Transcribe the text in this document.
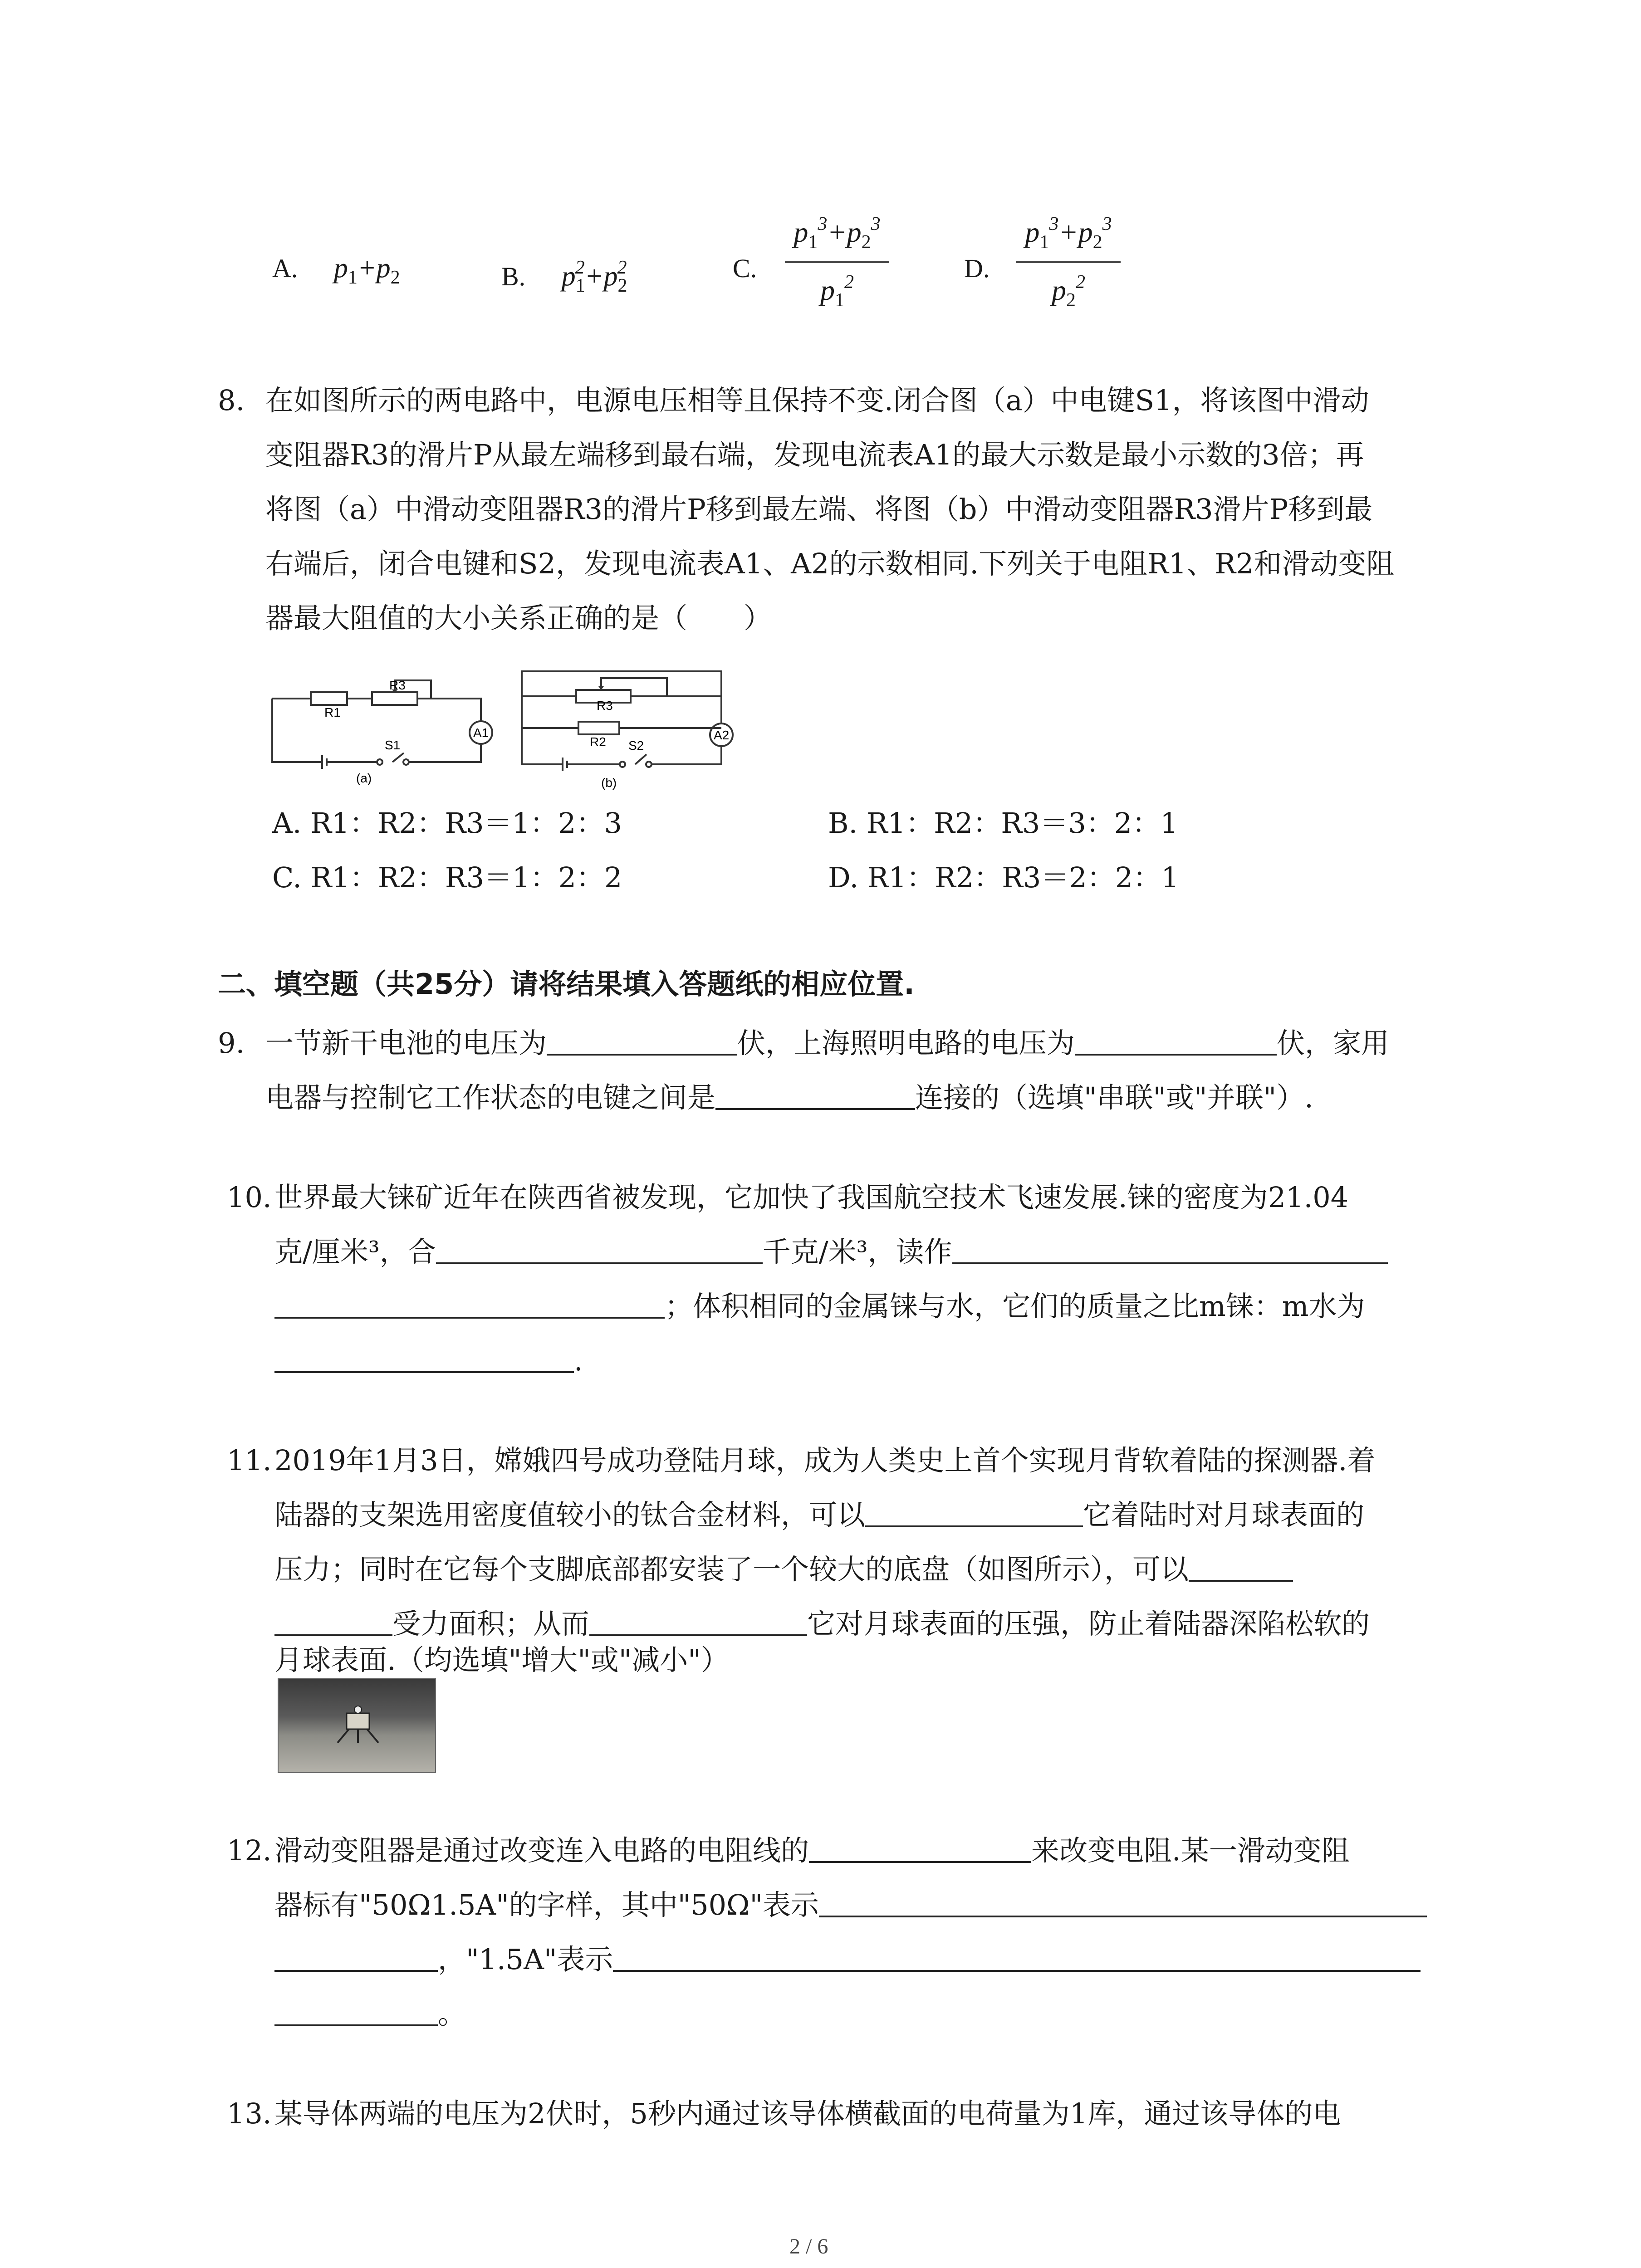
A. $p_1+p_2$	B. $p_1^2+p_2^2$	C.
$p_1^3+p_2^3$
$p_1^2$	D.
$p_1^3+p_2^3$
$p_2^2$
8. 在如图所示的两电路中，电源电压相等且保持不变.闭合图（a）中电键S1，将该图中滑动
变阻器R3的滑片P从最左端移到最右端，发现电流表A1的最大示数是最小示数的3倍；再
将图（a）中滑动变阻器R3的滑片P移到最左端、将图（b）中滑动变阻器R3滑片P移到最
右端后，闭合电键和S2，发现电流表A1、A2的示数相同.下列关于电阻R1、R2和滑动变阻
器最大阻值的大小关系正确的是（　　）
R1
R3
S1
A1
(a)
R3
R2 S2
A2
(b)
A. R1：R2：R3＝1：2：3	B. R1：R2：R3＝3：2：1
C. R1：R2：R3＝1：2：2	D. R1：R2：R3＝2：2：1
二、填空题（共25分）请将结果填入答题纸的相应位置.
9. 一节新干电池的电压为	伏，上海照明电路的电压为	伏，家用
电器与控制它工作状态的电键之间是	连接的（选填"串联"或"并联"）.
10. 世界最大铼矿近年在陕西省被发现，它加快了我国航空技术飞速发展.铼的密度为21.04
克/厘米³，合	千克/米³，读作
；体积相同的金属铼与水，它们的质量之比m铼：m水为
.
11. 2019年1月3日，嫦娥四号成功登陆月球，成为人类史上首个实现月背软着陆的探测器.着
陆器的支架选用密度值较小的钛合金材料，可以	它着陆时对月球表面的
压力；同时在它每个支脚底部都安装了一个较大的底盘（如图所示），可以
受力面积；从而	它对月球表面的压强，防止着陆器深陷松软的
月球表面.（均选填"增大"或"减小"）
12. 滑动变阻器是通过改变连入电路的电阻线的	来改变电阻.某一滑动变阻
器标有"50Ω1.5A"的字样，其中"50Ω"表示
，"1.5A"表示
。
13. 某导体两端的电压为2伏时，5秒内通过该导体横截面的电荷量为1库，通过该导体的电
2 / 6
